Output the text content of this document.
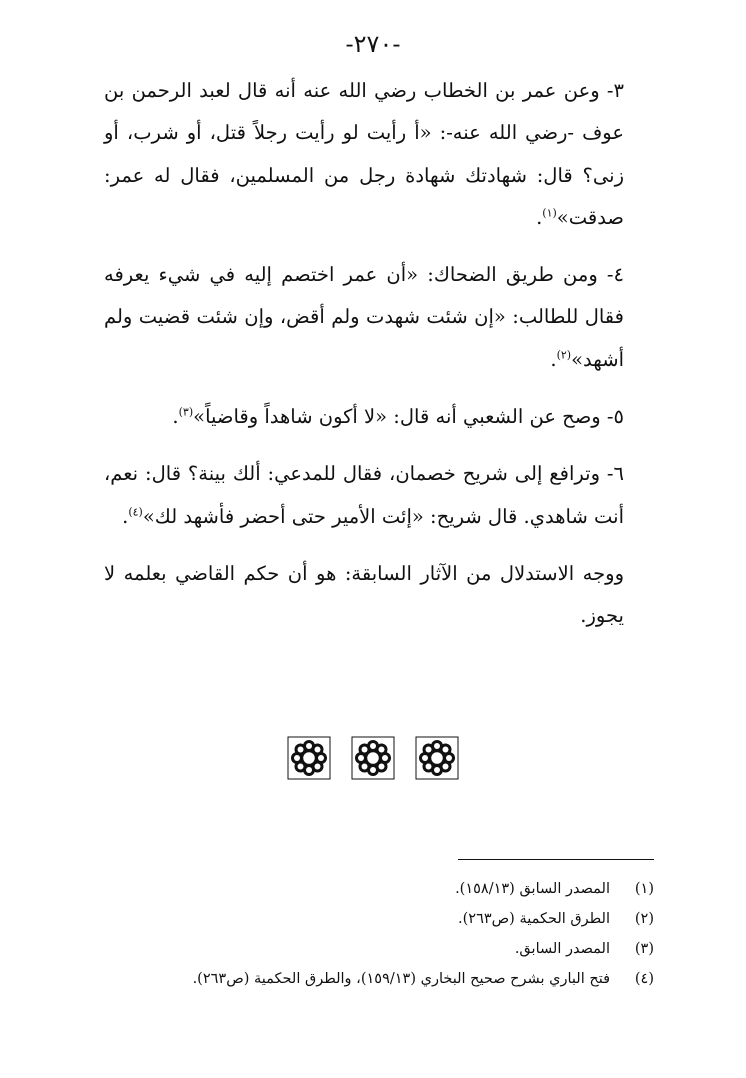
-٢٧٠-

٣- وعن عمر بن الخطاب رضي الله عنه أنه قال لعبد الرحمن بن عوف -رضي الله عنه-: «أ رأيت لو رأيت رجلاً قتل، أو شرب، أو زنى؟ قال: شهادتك شهادة رجل من المسلمين، فقال له عمر: صدقت»$^{(١)}$.

٤- ومن طريق الضحاك: «أن عمر اختصم إليه في شيء يعرفه فقال للطالب: «إن شئت شهدت ولم أقض، وإن شئت قضيت ولم أشهد»$^{(٢)}$.

٥- وصح عن الشعبي أنه قال: «لا أكون شاهداً وقاضياً»$^{(٣)}$.

٦- وترافع إلى شريح خصمان، فقال للمدعي: ألك بينة؟ قال: نعم، أنت شاهدي. قال شريح: «إئت الأمير حتى أحضر فأشهد لك»$^{(٤)}$.

ووجه الاستدلال من الآثار السابقة: هو أن حكم القاضي بعلمه لا يجوز.

(١)
المصدر السابق (١٥٨/١٣).
(٢)
الطرق الحكمية (ص٢٦٣).
(٣)
المصدر السابق.
(٤)
فتح الباري بشرح صحيح البخاري (١٥٩/١٣)، والطرق الحكمية (ص٢٦٣).
